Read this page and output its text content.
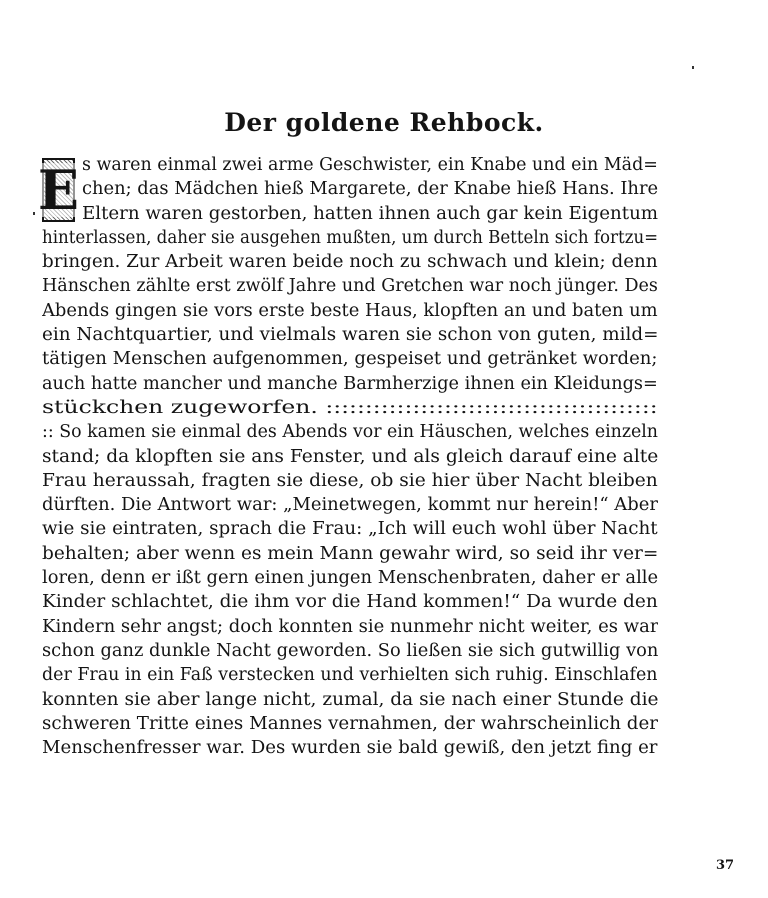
Der goldene Rehbock.
E s waren einmal zwei arme Geschwister, ein Knabe und ein Mäd=
chen; das Mädchen hieß Margarete, der Knabe hieß Hans. Ihre
Eltern waren gestorben, hatten ihnen auch gar kein Eigentum
hinterlassen, daher sie ausgehen mußten, um durch Betteln sich fortzu=
bringen. Zur Arbeit waren beide noch zu schwach und klein; denn
Hänschen zählte erst zwölf Jahre und Gretchen war noch jünger. Des
Abends gingen sie vors erste beste Haus, klopften an und baten um
ein Nachtquartier, und vielmals waren sie schon von guten, mild=
tätigen Menschen aufgenommen, gespeiset und getränket worden;
auch hatte mancher und manche Barmherzige ihnen ein Kleidungs=
stückchen zugeworfen. ::::::::::::::::::::::::::::::::::::::::::
:: So kamen sie einmal des Abends vor ein Häuschen, welches einzeln
stand; da klopften sie ans Fenster, und als gleich darauf eine alte
Frau heraussah, fragten sie diese, ob sie hier über Nacht bleiben
dürften. Die Antwort war: „Meinetwegen, kommt nur herein!“ Aber
wie sie eintraten, sprach die Frau: „Ich will euch wohl über Nacht
behalten; aber wenn es mein Mann gewahr wird, so seid ihr ver=
loren, denn er ißt gern einen jungen Menschenbraten, daher er alle
Kinder schlachtet, die ihm vor die Hand kommen!“ Da wurde den
Kindern sehr angst; doch konnten sie nunmehr nicht weiter, es war
schon ganz dunkle Nacht geworden. So ließen sie sich gutwillig von
der Frau in ein Faß verstecken und verhielten sich ruhig. Einschlafen
konnten sie aber lange nicht, zumal, da sie nach einer Stunde die
schweren Tritte eines Mannes vernahmen, der wahrscheinlich der
Menschenfresser war. Des wurden sie bald gewiß, den jetzt fing er
37
